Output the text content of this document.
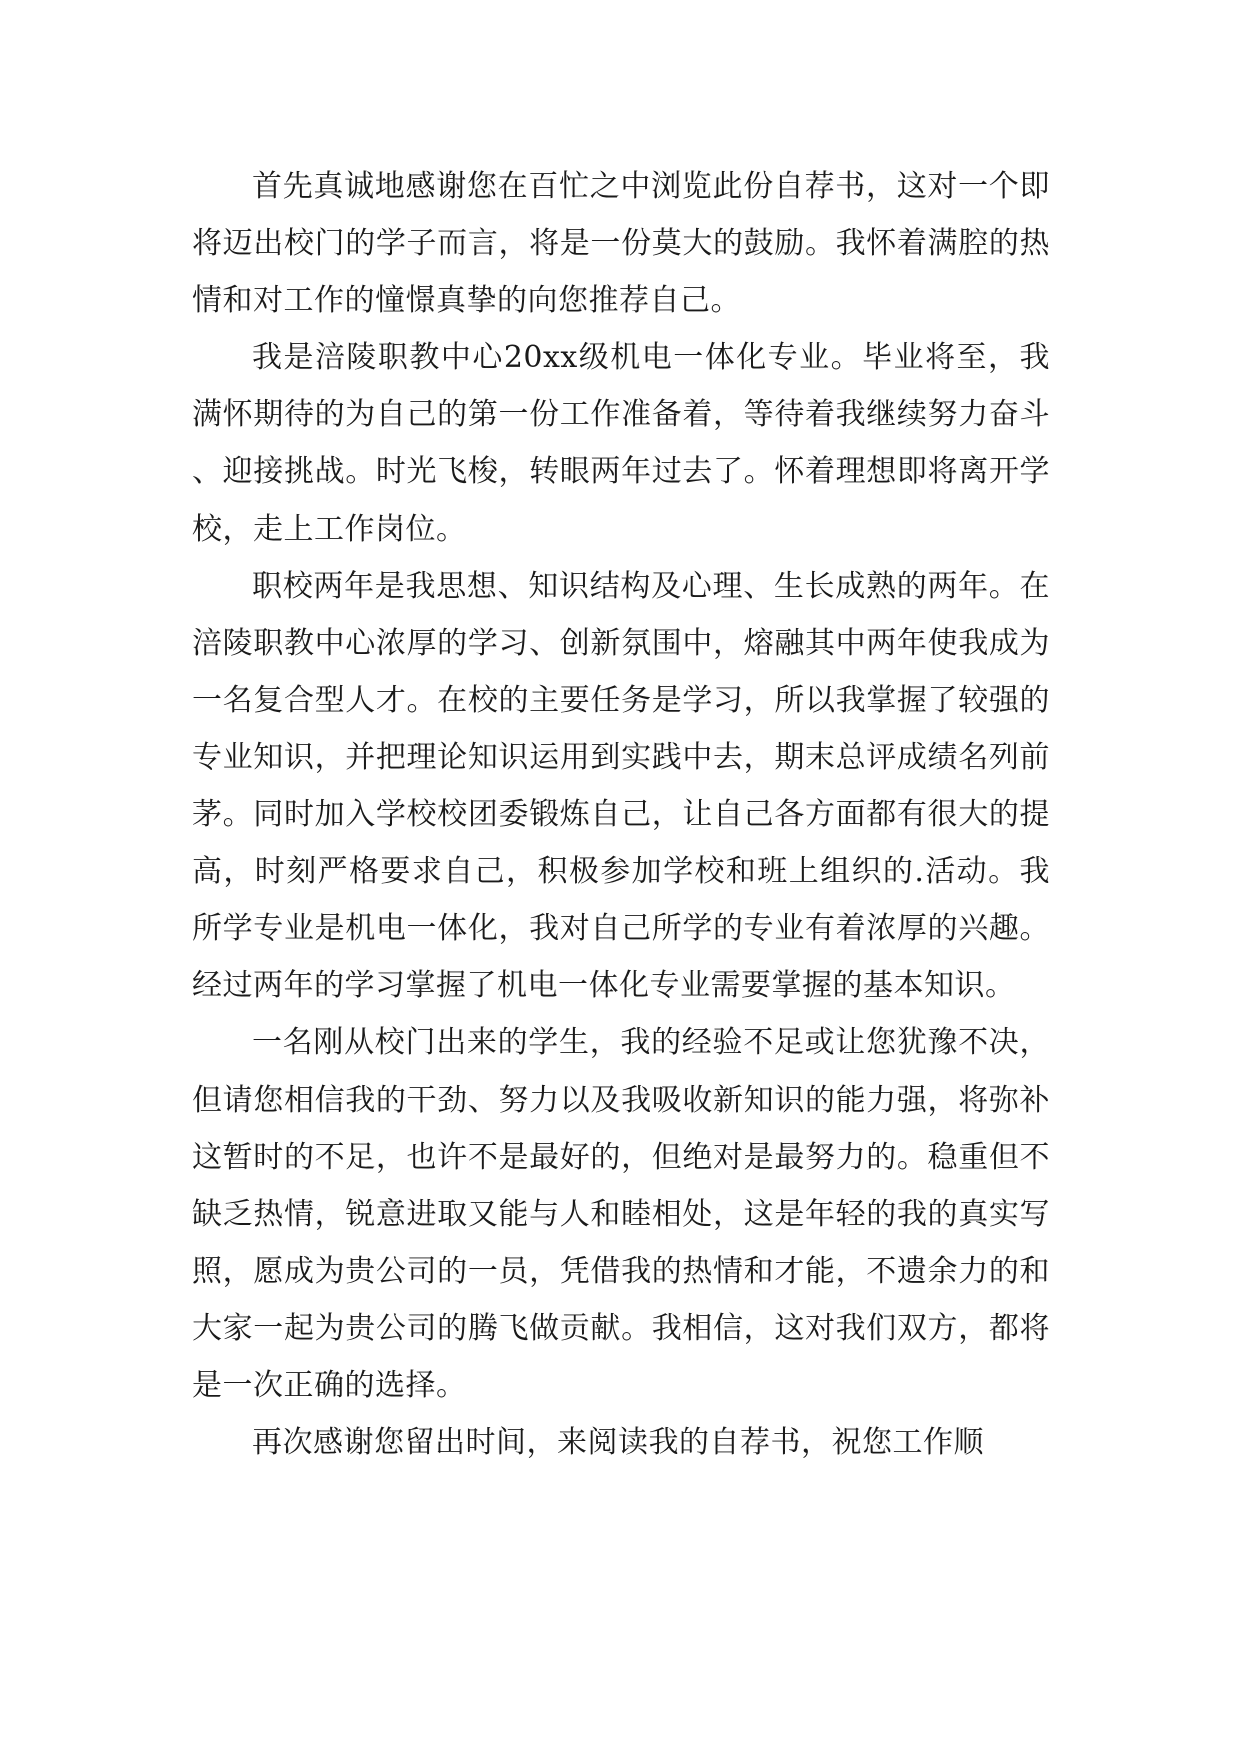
首先真诚地感谢您在百忙之中浏览此份自荐书，这对一个即将迈出校门的学子而言，将是一份莫大的鼓励。我怀着满腔的热情和对工作的憧憬真挚的向您推荐自己。

我是涪陵职教中心20xx级机电一体化专业。毕业将至，我满怀期待的为自己的第一份工作准备着，等待着我继续努力奋斗、迎接挑战。时光飞梭，转眼两年过去了。怀着理想即将离开学校，走上工作岗位。

职校两年是我思想、知识结构及心理、生长成熟的两年。在涪陵职教中心浓厚的学习、创新氛围中，熔融其中两年使我成为一名复合型人才。在校的主要任务是学习，所以我掌握了较强的专业知识，并把理论知识运用到实践中去，期末总评成绩名列前茅。同时加入学校校团委锻炼自己，让自己各方面都有很大的提高，时刻严格要求自己，积极参加学校和班上组织的.活动。我所学专业是机电一体化，我对自己所学的专业有着浓厚的兴趣。经过两年的学习掌握了机电一体化专业需要掌握的基本知识。

一名刚从校门出来的学生，我的经验不足或让您犹豫不决，但请您相信我的干劲、努力以及我吸收新知识的能力强，将弥补这暂时的不足，也许不是最好的，但绝对是最努力的。稳重但不缺乏热情，锐意进取又能与人和睦相处，这是年轻的我的真实写照，愿成为贵公司的一员，凭借我的热情和才能，不遗余力的和大家一起为贵公司的腾飞做贡献。我相信，这对我们双方，都将是一次正确的选择。

再次感谢您留出时间，来阅读我的自荐书，祝您工作顺
